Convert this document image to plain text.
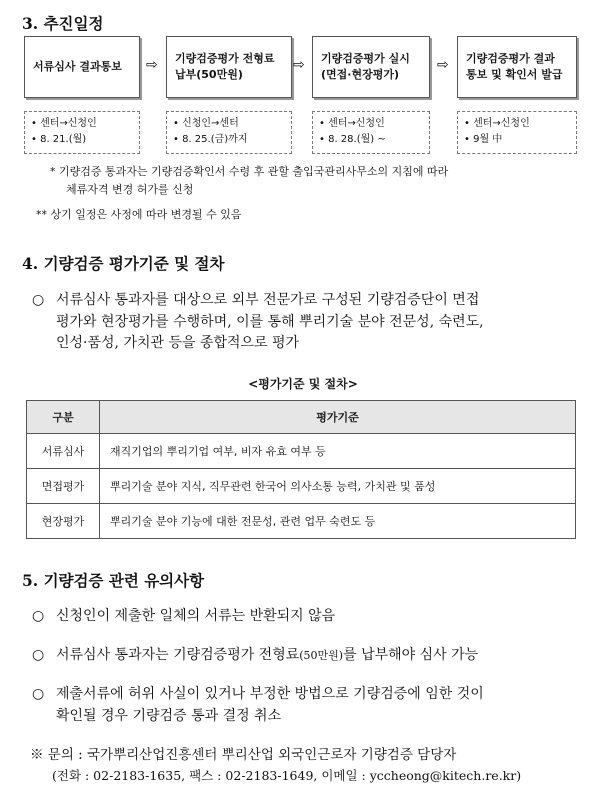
3. 추진일정
서류심사 결과통보 ⇨ 기량검증평가 전형료
납부(50만원)
⇨ 기량검증평가 실시
(면접·현장평가)
⇨ 기량검증평가 결과
통보 및 확인서 발급
• 센터→신청인
• 8. 21.(월)
• 신청인→센터
• 8. 25.(금)까지
• 센터→신청인
• 8. 28.(월) ~
• 센터→신청인
• 9월 中
* 기량검증 통과자는 기량검증확인서 수령 후 관할 출입국관리사무소의 지침에 따라
체류자격 변경 허가를 신청
** 상기 일정은 사정에 따라 변경될 수 있음
4. 기량검증 평가기준 및 절차
○ 서류심사 통과자를 대상으로 외부 전문가로 구성된 기량검증단이 면접
평가와 현장평가를 수행하며, 이를 통해 뿌리기술 분야 전문성, 숙련도,
인성·품성, 가치관 등을 종합적으로 평가
<평가기준 및 절차>
구분	평가기준
서류심사	재직기업의 뿌리기업 여부, 비자 유효 여부 등
면접평가	뿌리기술 분야 지식, 직무관련 한국어 의사소통 능력, 가치관 및 품성
현장평가	뿌리기술 분야 기능에 대한 전문성, 관련 업무 숙련도 등
5. 기량검증 관련 유의사항
○ 신청인이 제출한 일체의 서류는 반환되지 않음
○ 서류심사 통과자는 기량검증평가 전형료(50만원)를 납부해야 심사 가능
○ 제출서류에 허위 사실이 있거나 부정한 방법으로 기량검증에 임한 것이
확인될 경우 기량검증 통과 결정 취소
※ 문의 : 국가뿌리산업진흥센터 뿌리산업 외국인근로자 기량검증 담당자
(전화 : 02-2183-1635, 팩스 : 02-2183-1649, 이메일 : yccheong@kitech.re.kr)
